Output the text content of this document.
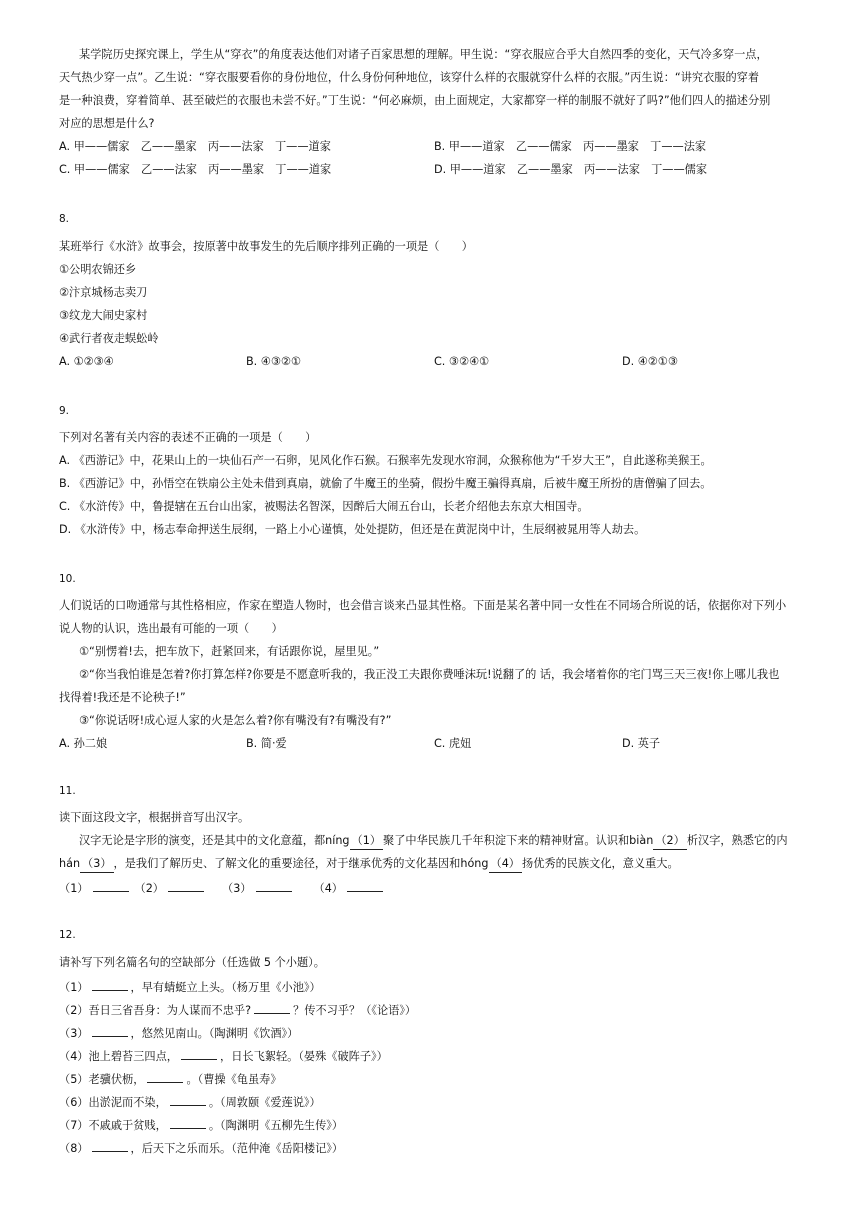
某学院历史探究课上，学生从“穿衣”的角度表达他们对诸子百家思想的理解。甲生说：“穿衣服应合乎大自然四季的变化，天气冷多穿一点，
天气热少穿一点”。乙生说：“穿衣服要看你的身份地位，什么身份何种地位，该穿什么样的衣服就穿什么样的衣服。”丙生说：“讲究衣服的穿着
是一种浪费，穿着简单、甚至破烂的衣服也未尝不好。”丁生说：“何必麻烦，由上面规定，大家都穿一样的制服不就好了吗?”他们四人的描述分别
对应的思想是什么?
A. 甲——儒家　乙——墨家　丙——法家　丁——道家	B. 甲——道家　乙——儒家　丙——墨家　丁——法家
C. 甲——儒家　乙——法家　丙——墨家　丁——道家	D. 甲——道家　乙——墨家　丙——法家　丁——儒家
8.
某班举行《水浒》故事会，按原著中故事发生的先后顺序排列正确的一项是（　　）
①公明农锦还乡
②汴京城杨志卖刀
③纹龙大闹史家村
④武行者夜走蜈蚣岭
A. ①②③④	B. ④③②①	C. ③②④①	D. ④②①③
9.
下列对名著有关内容的表述不正确的一项是（　　）
A. 《西游记》中，花果山上的一块仙石产一石卵，见风化作石猴。石猴率先发现水帘洞，众猴称他为“千岁大王”，自此遂称美猴王。
B. 《西游记》中，孙悟空在铁扇公主处未借到真扇，就偷了牛魔王的坐骑，假扮牛魔王骗得真扇，后被牛魔王所扮的唐僧骗了回去。
C. 《水浒传》中，鲁提辖在五台山出家，被赐法名智深，因醉后大闹五台山，长老介绍他去东京大相国寺。
D. 《水浒传》中，杨志奉命押送生辰纲，一路上小心谨慎，处处提防，但还是在黄泥岗中计，生辰纲被晁用等人劫去。
10.
人们说话的口吻通常与其性格相应，作家在塑造人物时，也会借言谈来凸显其性格。下面是某名著中同一女性在不同场合所说的话，依据你对下列小
说人物的认识，选出最有可能的一项（　　）
①“别愣着!去，把车放下，赶紧回来，有话跟你说，屋里见。”
②“你当我怕谁是怎着?你打算怎样?你要是不愿意听我的，我正没工夫跟你费唾沫玩!说翻了的 话，我会堵着你的宅门骂三天三夜!你上哪儿我也
找得着!我还是不论秧子!”
③“你说话呀!成心逗人家的火是怎么着?你有嘴没有?有嘴没有?”
A. 孙二娘	B. 简·爱	C. 虎妞	D. 英子
11.
读下面这段文字，根据拼音写出汉字。
汉字无论是字形的演变，还是其中的文化意蕴，都níng （1） 聚了中华民族几千年积淀下来的精神财富。认识和biàn （2） 析汉字，熟悉它的内
hán （3） ，是我们了解历史、了解文化的重要途径，对于继承优秀的文化基因和hóng （4） 扬优秀的民族文化，意义重大。
（1）	（2）	（3）	（4）
12.
请补写下列名篇名句的空缺部分（任选做 5 个小题）。
（1）	，早有蜻蜓立上头。（杨万里《小池》）
（2）吾日三省吾身：为人谋而不忠乎?	？传不习乎？（《论语》）
（3）	，悠然见南山。（陶渊明《饮酒》）
（4）池上碧苔三四点，	，日长飞絮轻。（晏殊《破阵子》）
（5）老骥伏枥，	。（曹操《龟虽寿》
（6）出淤泥而不染，	。（周敦颐《爱莲说》）
（7）不戚戚于贫贱，	。（陶渊明《五柳先生传》）
（8）	，后天下之乐而乐。（范仲淹《岳阳楼记》）
